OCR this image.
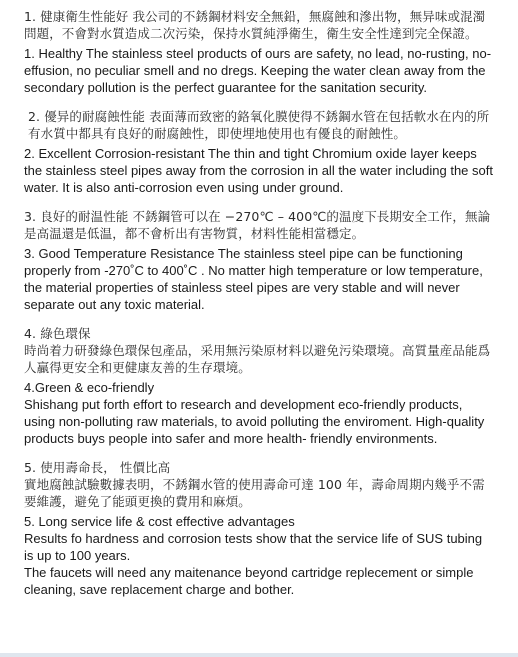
1. 健康衛生性能好 我公司的不銹鋼材料安全無鉛，無腐蝕和滲出物，無异味或混濁問題，不會對水質造成二次污染，保持水質純淨衛生，衛生安全性達到完全保證。

1. Healthy The stainless steel products of ours are safety, no lead, no-rusting, no-effusion, no peculiar smell and no dregs. Keeping the water clean away from the secondary pollution is the perfect guarantee for the sanitation security.

2. 優异的耐腐蝕性能 表面薄而致密的鉻氧化膜使得不銹鋼水管在包括軟水在内的所有水質中都具有良好的耐腐蝕性，即使埋地使用也有優良的耐蝕性。

2. Excellent Corrosion-resistant The thin and tight Chromium oxide layer keeps the stainless steel pipes away from the corrosion in all the water including the soft water. It is also anti-corrosion even using under ground.

3. 良好的耐温性能 不銹鋼管可以在 −270℃ – 400℃的温度下長期安全工作，無論是高温還是低温，都不會析出有害物質，材料性能相當穩定。

3. Good Temperature Resistance The stainless steel pipe can be functioning properly from -270˚C to 400˚C . No matter high temperature or low temperature, the material properties of stainless steel pipes are very stable and will never separate out any toxic material.

4. 綠色環保
時尚着力研發綠色環保包產品，采用無污染原材料以避免污染環境。高質量産品能爲人贏得更安全和更健康友善的生存環境。

4.Green & eco-friendly
Shishang put forth effort to research and development eco-friendly products, using non-polluting raw materials, to avoid polluting the enviroment. High-quality products buys people into safer and more health- friendly environments.

5. 使用壽命長， 性價比高
實地腐蝕試驗數據表明，不銹鋼水管的使用壽命可達 100 年，壽命周期内幾乎不需要維護，避免了能頭更換的費用和麻煩。

5. Long service life & cost effective advantages
Results fo hardness and corrosion tests show that the service life of SUS tubing is up to 100 years.
The faucets will need any maitenance beyond cartridge replecement or simple cleaning, save replacement charge and bother.
